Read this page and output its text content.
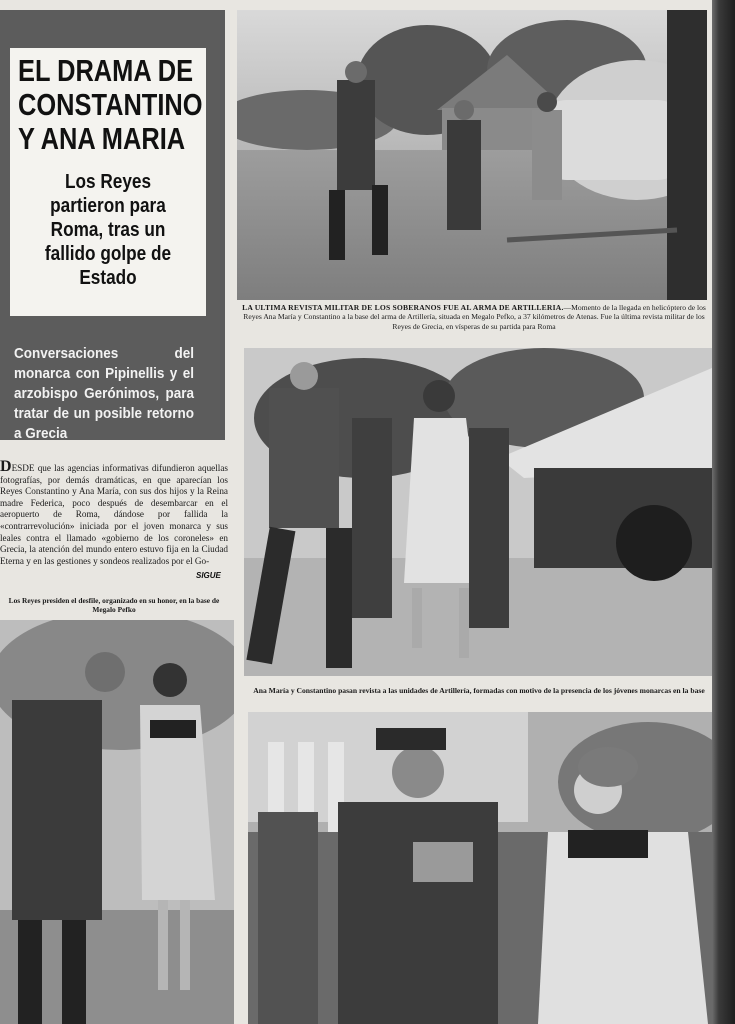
EL DRAMA DE
CONSTANTINO
Y ANA MARIA
Los Reyes partieron para Roma, tras un fallido golpe de Estado
Conversaciones del monarca con Pipinellis y el arzobispo Gerónimos, para tratar de un posible retorno a Grecia
DESDE que las agencias informativas difundieron aquellas fotografías, por demás dramáticas, en que aparecían los Reyes Constantino y Ana María, con sus dos hijos y la Reina madre Federica, poco después de desembarcar en el aeropuerto de Roma, dándose por fallida la «contrarrevolución» iniciada por el joven monarca y sus leales contra el llamado «gobierno de los coroneles» en Grecia, la atención del mundo entero estuvo fija en la Ciudad Eterna y en las gestiones y sondeos realizados por el Go-
SIGUE
Los Reyes presiden el desfile, organizado en su honor, en la base de Megalo Pefko
LA ULTIMA REVISTA MILITAR DE LOS SOBERANOS FUE AL ARMA DE ARTILLERIA.—Momento de la llegada en helicóptero de los Reyes Ana María y Constantino a la base del arma de Artillería, situada en Megalo Pefko, a 37 kilómetros de Atenas. Fue la última revista militar de los Reyes de Grecia, en vísperas de su partida para Roma
Ana María y Constantino pasan revista a las unidades de Artillería, formadas con motivo de la presencia de los jóvenes monarcas en la base
